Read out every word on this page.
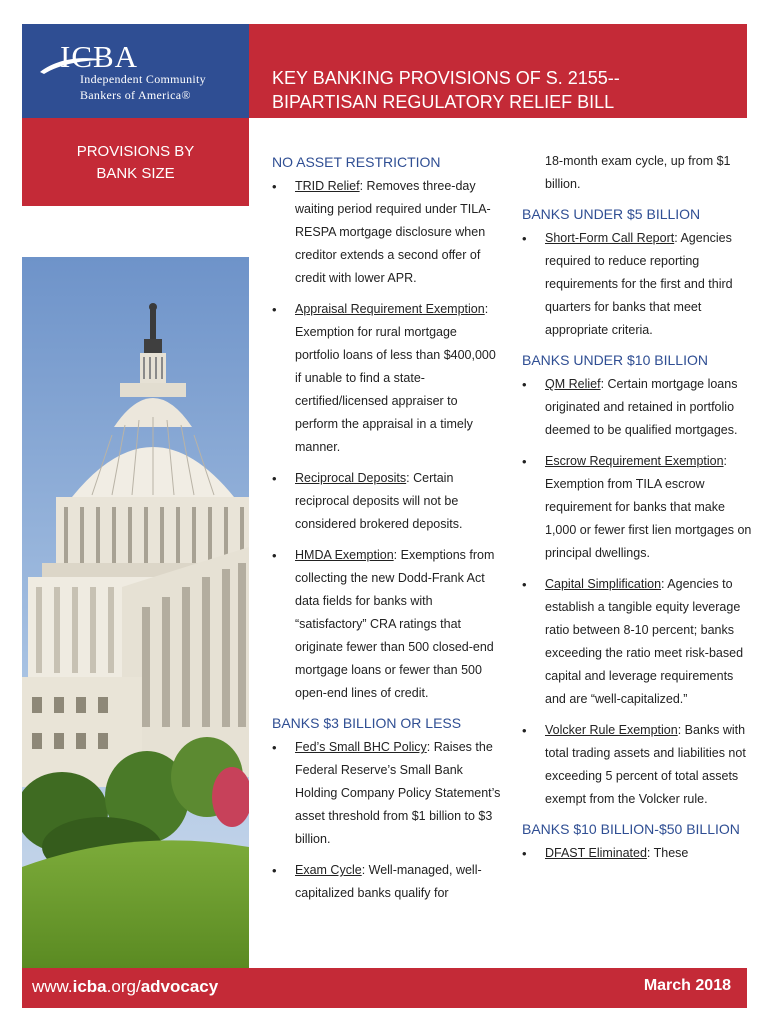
ICBA
Independent Community
Bankers of America®
KEY BANKING PROVISIONS OF S. 2155--
BIPARTISAN REGULATORY RELIEF BILL
PROVISIONS BY
BANK SIZE
NO ASSET RESTRICTION
• TRID Relief: Removes three-day waiting period required under TILA-RESPA mortgage disclosure when creditor extends a second offer of credit with lower APR.
• Appraisal Requirement Exemption: Exemption for rural mortgage portfolio loans of less than $400,000 if unable to find a state-certified/licensed appraiser to perform the appraisal in a timely manner.
• Reciprocal Deposits: Certain reciprocal deposits will not be considered brokered deposits.
• HMDA Exemption: Exemptions from collecting the new Dodd-Frank Act data fields for banks with “satisfactory” CRA ratings that originate fewer than 500 closed-end mortgage loans or fewer than 500 open-end lines of credit.
BANKS $3 BILLION OR LESS
• Fed’s Small BHC Policy: Raises the Federal Reserve’s Small Bank Holding Company Policy Statement’s asset threshold from $1 billion to $3 billion.
• Exam Cycle: Well-managed, well-capitalized banks qualify for
18-month exam cycle, up from $1 billion.
BANKS UNDER $5 BILLION
• Short-Form Call Report: Agencies required to reduce reporting requirements for the first and third quarters for banks that meet appropriate criteria.
BANKS UNDER $10 BILLION
• QM Relief: Certain mortgage loans originated and retained in portfolio deemed to be qualified mortgages.
• Escrow Requirement Exemption: Exemption from TILA escrow requirement for banks that make 1,000 or fewer first lien mortgages on principal dwellings.
• Capital Simplification: Agencies to establish a tangible equity leverage ratio between 8-10 percent; banks exceeding the ratio meet risk-based capital and leverage requirements and are “well-capitalized.”
• Volcker Rule Exemption: Banks with total trading assets and liabilities not exceeding 5 percent of total assets exempt from the Volcker rule.
BANKS $10 BILLION-$50 BILLION
• DFAST Eliminated: These
www.icba.org/advocacy	March 2018
